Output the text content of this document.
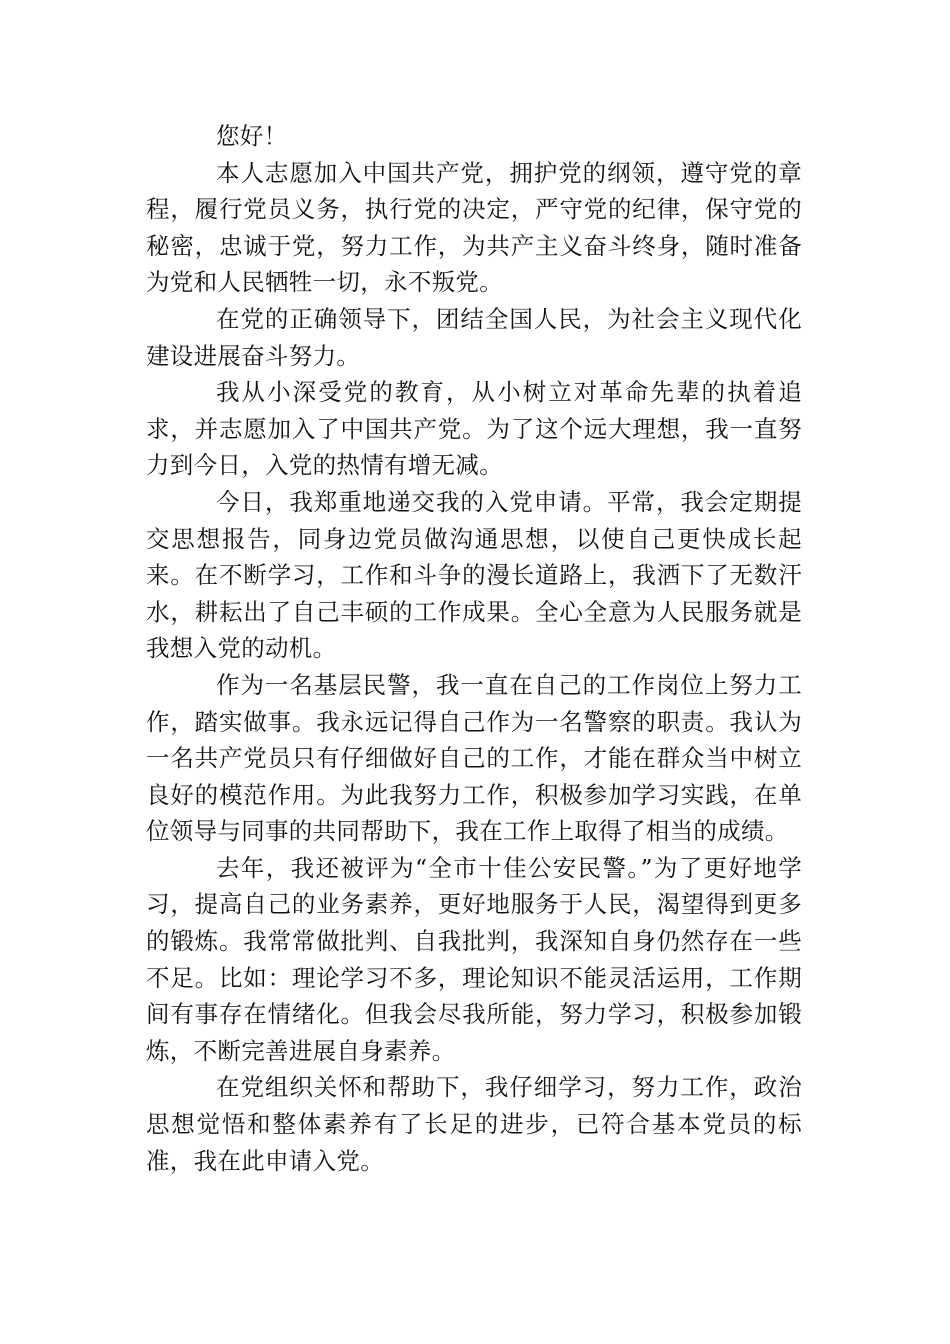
您好！

本人志愿加入中国共产党，拥护党的纲领，遵守党的章程，履行党员义务，执行党的决定，严守党的纪律，保守党的秘密，忠诚于党，努力工作，为共产主义奋斗终身，随时准备为党和人民牺牲一切，永不叛党。

在党的正确领导下，团结全国人民，为社会主义现代化建设进展奋斗努力。

我从小深受党的教育，从小树立对革命先辈的执着追求，并志愿加入了中国共产党。为了这个远大理想，我一直努力到今日，入党的热情有增无减。

今日，我郑重地递交我的入党申请。平常，我会定期提交思想报告，同身边党员做沟通思想，以使自己更快成长起来。在不断学习，工作和斗争的漫长道路上，我洒下了无数汗水，耕耘出了自己丰硕的工作成果。全心全意为人民服务就是我想入党的动机。

作为一名基层民警，我一直在自己的工作岗位上努力工作，踏实做事。我永远记得自己作为一名警察的职责。我认为一名共产党员只有仔细做好自己的工作，才能在群众当中树立良好的模范作用。为此我努力工作，积极参加学习实践，在单位领导与同事的共同帮助下，我在工作上取得了相当的成绩。

去年，我还被评为“全市十佳公安民警。”为了更好地学习，提高自己的业务素养，更好地服务于人民，渴望得到更多的锻炼。我常常做批判、自我批判，我深知自身仍然存在一些不足。比如：理论学习不多，理论知识不能灵活运用，工作期间有事存在情绪化。但我会尽我所能，努力学习，积极参加锻炼，不断完善进展自身素养。

在党组织关怀和帮助下，我仔细学习，努力工作，政治思想觉悟和整体素养有了长足的进步，已符合基本党员的标准，我在此申请入党。
